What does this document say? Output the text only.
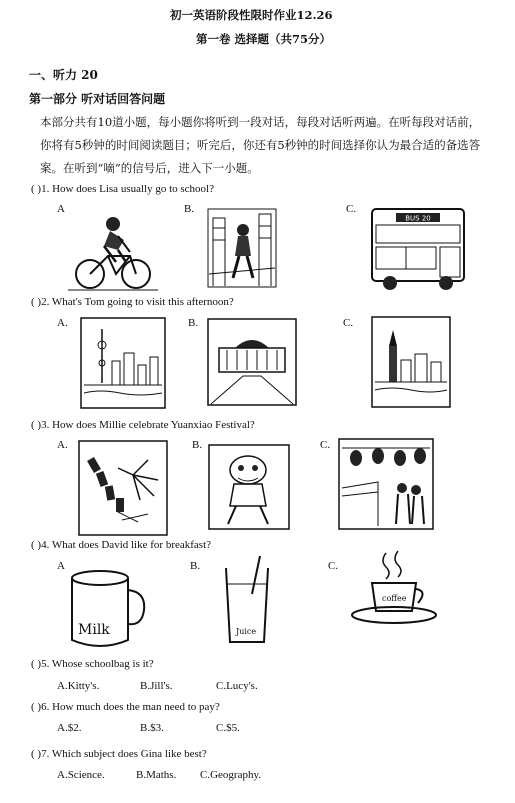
初一英语阶段性限时作业12.26
第一卷 选择题（共75分）
一、听力 20
第一部分 听对话回答问题
本部分共有10道小题，每小题你将听到一段对话，每段对话听两遍。在听每段对话前，
你将有5秒钟的时间阅读题目；听完后，你还有5秒钟的时间选择你认为最合适的备选答
案。在听到“嘀”的信号后，进入下一小题。
( )1. How does Lisa usually go to school?
A	B.	C.
BUS 20
( )2. What's Tom going to visit this afternoon?
A.	B.	C.
( )3. How does Millie celebrate Yuanxiao Festival?
A.	B.	C.
( )4. What does David like for breakfast?
A	B.	C.
Milk	Juice
coffee
( )5. Whose schoolbag is it?
A.Kitty's.	B.Jill's.	C.Lucy's.
( )6. How much does the man need to pay?
A.$2.	B.$3.	C.$5.
( )7. Which subject does Gina like best?
A.Science.	B.Maths. C.Geography.
